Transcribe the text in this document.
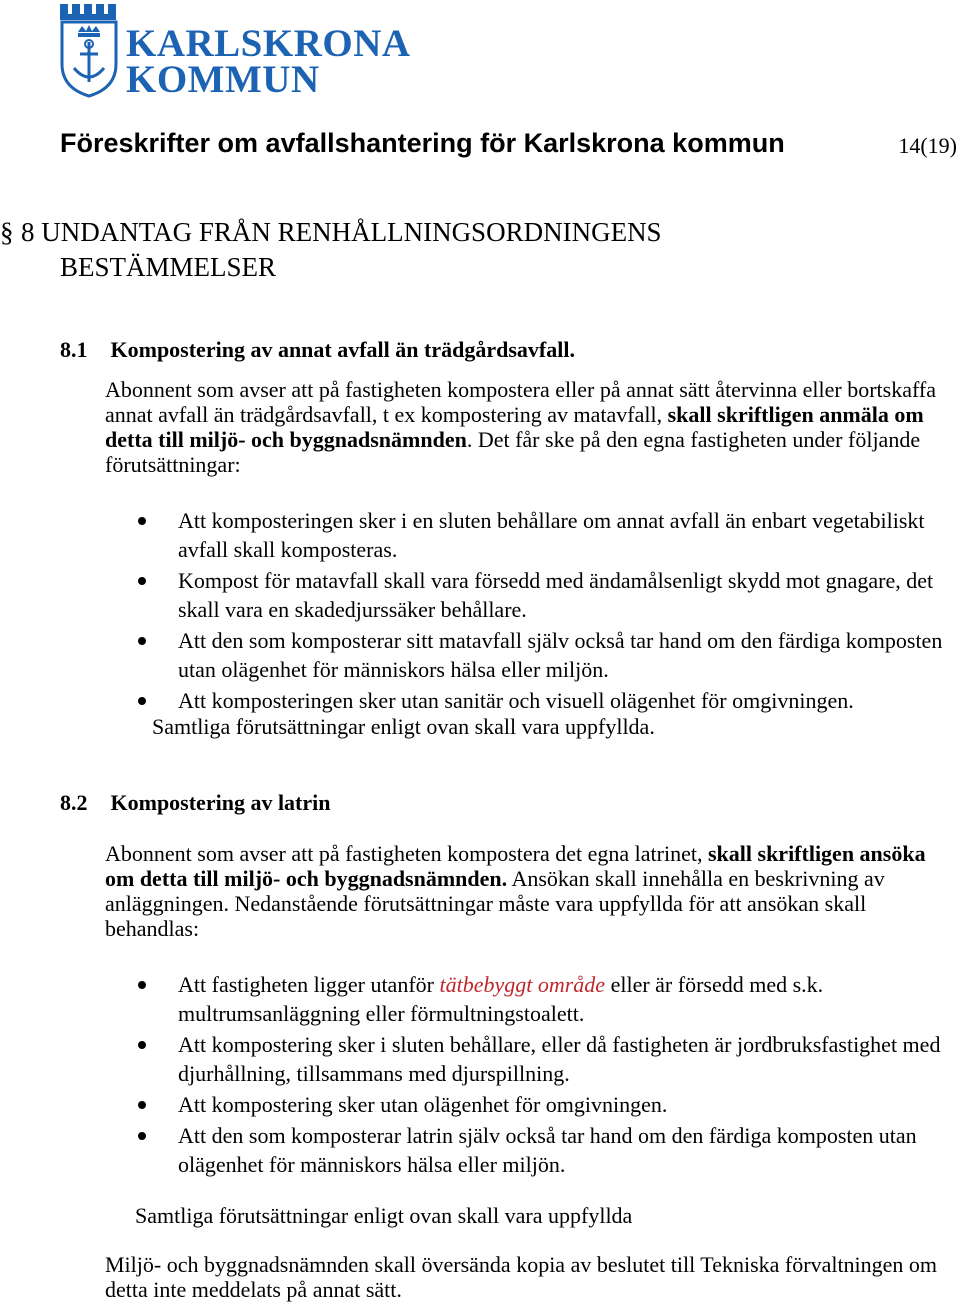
KARLSKRONA
KOMMUN
Föreskrifter om avfallshantering för Karlskrona kommun	14(19)
§ 8 UNDANTAG FRÅN RENHÅLLNINGSORDNINGENS
BESTÄMMELSER
8.1 Kompostering av annat avfall än trädgårdsavfall.
Abonnent som avser att på fastigheten kompostera eller på annat sätt återvinna eller bortskaffa annat avfall än trädgårdsavfall, t ex kompostering av matavfall, skall skriftligen anmäla om detta till miljö- och byggnadsnämnden. Det får ske på den egna fastigheten under följande förutsättningar:
Att komposteringen sker i en sluten behållare om annat avfall än enbart vegetabiliskt avfall skall komposteras.
Kompost för matavfall skall vara försedd med ändamålsenligt skydd mot gnagare, det skall vara en skadedjurssäker behållare.
Att den som komposterar sitt matavfall själv också tar hand om den färdiga komposten utan olägenhet för människors hälsa eller miljön.
Att komposteringen sker utan sanitär och visuell olägenhet för omgivningen.
Samtliga förutsättningar enligt ovan skall vara uppfyllda.
8.2 Kompostering av latrin
Abonnent som avser att på fastigheten kompostera det egna latrinet, skall skriftligen ansöka om detta till miljö- och byggnadsnämnden. Ansökan skall innehålla en beskrivning av anläggningen. Nedanstående förutsättningar måste vara uppfyllda för att ansökan skall behandlas:
Att fastigheten ligger utanför tätbebyggt område eller är försedd med s.k. multrumsanläggning eller förmultningstoalett.
Att kompostering sker i sluten behållare, eller då fastigheten är jordbruksfastighet med djurhållning, tillsammans med djurspillning.
Att kompostering sker utan olägenhet för omgivningen.
Att den som komposterar latrin själv också tar hand om den färdiga komposten utan olägenhet för människors hälsa eller miljön.
Samtliga förutsättningar enligt ovan skall vara uppfyllda
Miljö- och byggnadsnämnden skall översända kopia av beslutet till Tekniska förvaltningen om detta inte meddelats på annat sätt.
